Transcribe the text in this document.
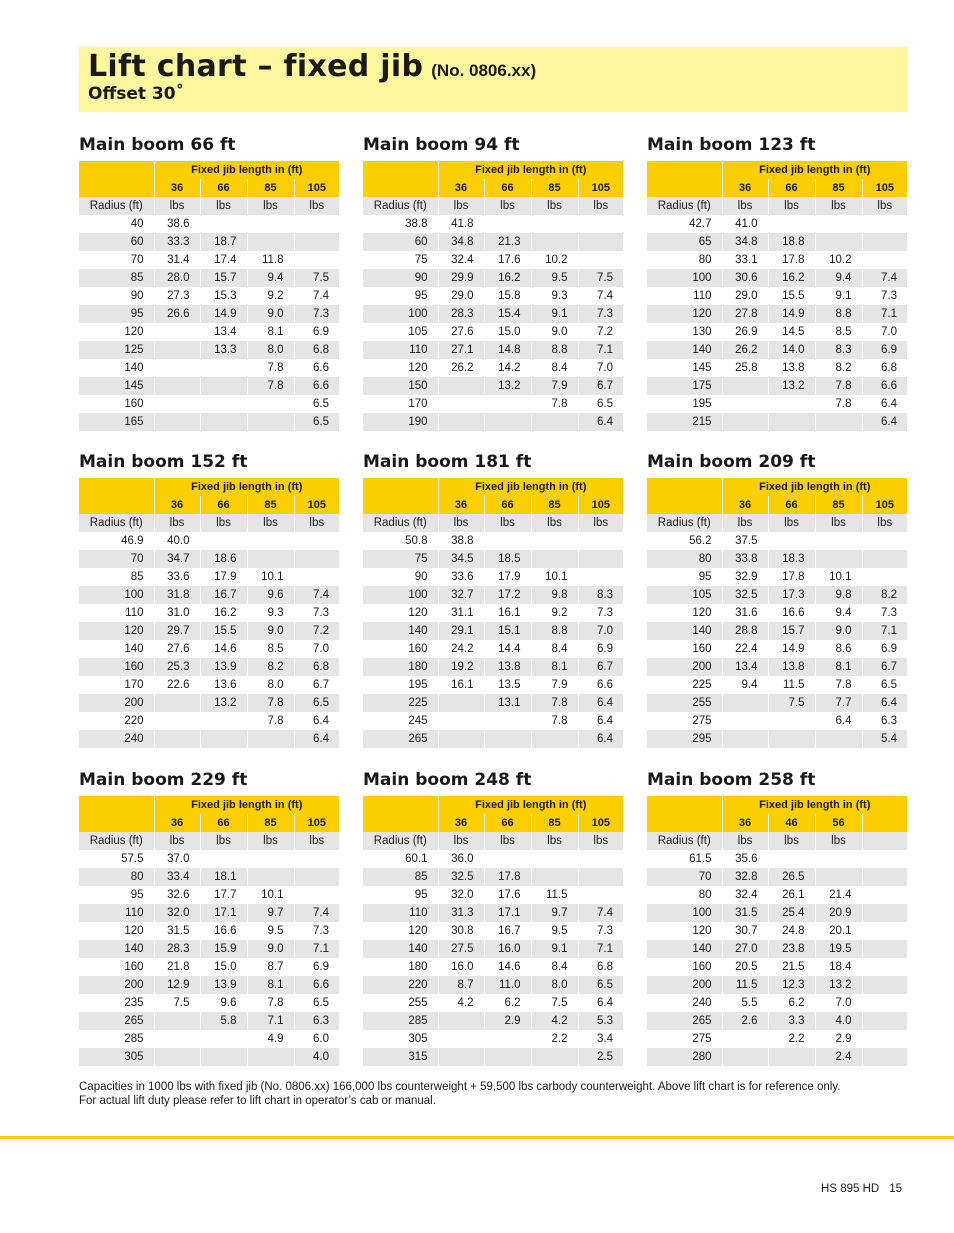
Lift chart – fixed jib (No. 0806.xx)
Offset 30˚
Main boom 66 ft
	Fixed jib length in (ft)			
	36	66	85	105
Radius (ft)	lbs	lbs	lbs	lbs
40	38.6			
60	33.3	18.7		
70	31.4	17.4	11.8	
85	28.0	15.7	9.4	7.5
90	27.3	15.3	9.2	7.4
95	26.6	14.9	9.0	7.3
120		13.4	8.1	6.9
125		13.3	8.0	6.8
140			7.8	6.6
145			7.8	6.6
160				6.5
165				6.5
Main boom 94 ft
	Fixed jib length in (ft)			
	36	66	85	105
Radius (ft)	lbs	lbs	lbs	lbs
38.8	41.8			
60	34.8	21.3		
75	32.4	17.6	10.2	
90	29.9	16.2	9.5	7.5
95	29.0	15.8	9.3	7.4
100	28.3	15.4	9.1	7.3
105	27.6	15.0	9.0	7.2
110	27.1	14.8	8.8	7.1
120	26.2	14.2	8.4	7.0
150		13.2	7.9	6.7
170			7.8	6.5
190				6.4
Main boom 123 ft
	Fixed jib length in (ft)			
	36	66	85	105
Radius (ft)	lbs	lbs	lbs	lbs
42.7	41.0			
65	34.8	18.8		
80	33.1	17.8	10.2	
100	30.6	16.2	9.4	7.4
110	29.0	15.5	9.1	7.3
120	27.8	14.9	8.8	7.1
130	26.9	14.5	8.5	7.0
140	26.2	14.0	8.3	6.9
145	25.8	13.8	8.2	6.8
175		13.2	7.8	6.6
195			7.8	6.4
215				6.4
Main boom 152 ft
	Fixed jib length in (ft)			
	36	66	85	105
Radius (ft)	lbs	lbs	lbs	lbs
46.9	40.0			
70	34.7	18.6		
85	33.6	17.9	10.1	
100	31.8	16.7	9.6	7.4
110	31.0	16.2	9.3	7.3
120	29.7	15.5	9.0	7.2
140	27.6	14.6	8.5	7.0
160	25.3	13.9	8.2	6.8
170	22.6	13.6	8.0	6.7
200		13.2	7.8	6.5
220			7.8	6.4
240				6.4
Main boom 181 ft
	Fixed jib length in (ft)			
	36	66	85	105
Radius (ft)	lbs	lbs	lbs	lbs
50.8	38.8			
75	34.5	18.5		
90	33.6	17.9	10.1	
100	32.7	17.2	9.8	8.3
120	31.1	16.1	9.2	7.3
140	29.1	15.1	8.8	7.0
160	24.2	14.4	8.4	6.9
180	19.2	13.8	8.1	6.7
195	16.1	13.5	7.9	6.6
225		13.1	7.8	6.4
245			7.8	6.4
265				6.4
Main boom 209 ft
	Fixed jib length in (ft)			
	36	66	85	105
Radius (ft)	lbs	lbs	lbs	lbs
56.2	37.5			
80	33.8	18.3		
95	32.9	17.8	10.1	
105	32.5	17.3	9.8	8.2
120	31.6	16.6	9.4	7.3
140	28.8	15.7	9.0	7.1
160	22.4	14.9	8.6	6.9
200	13.4	13.8	8.1	6.7
225	9.4	11.5	7.8	6.5
255		7.5	7.7	6.4
275			6.4	6.3
295				5.4
Main boom 229 ft
	Fixed jib length in (ft)			
	36	66	85	105
Radius (ft)	lbs	lbs	lbs	lbs
57.5	37.0			
80	33.4	18.1		
95	32.6	17.7	10.1	
110	32.0	17.1	9.7	7.4
120	31.5	16.6	9.5	7.3
140	28.3	15.9	9.0	7.1
160	21.8	15.0	8.7	6.9
200	12.9	13.9	8.1	6.6
235	7.5	9.6	7.8	6.5
265		5.8	7.1	6.3
285			4.9	6.0
305				4.0
Main boom 248 ft
	Fixed jib length in (ft)			
	36	66	85	105
Radius (ft)	lbs	lbs	lbs	lbs
60.1	36.0			
85	32.5	17.8		
95	32.0	17.6	11.5	
110	31.3	17.1	9.7	7.4
120	30.8	16.7	9.5	7.3
140	27.5	16.0	9.1	7.1
180	16.0	14.6	8.4	6.8
220	8.7	11.0	8.0	6.5
255	4.2	6.2	7.5	6.4
285		2.9	4.2	5.3
305			2.2	3.4
315				2.5
Main boom 258 ft
	Fixed jib length in (ft)			
	36	46	56	
Radius (ft)	lbs	lbs	lbs	
61.5	35.6			
70	32.8	26.5		
80	32.4	26.1	21.4	
100	31.5	25.4	20.9	
120	30.7	24.8	20.1	
140	27.0	23.8	19.5	
160	20.5	21.5	18.4	
200	11.5	12.3	13.2	
240	5.5	6.2	7.0	
265	2.6	3.3	4.0	
275		2.2	2.9	
280			2.4	
Capacities in 1000 lbs with fixed jib (No. 0806.xx) 166,000 lbs counterweight + 59,500 lbs carbody counterweight. Above lift chart is for reference only.
For actual lift duty please refer to lift chart in operator’s cab or manual.
HS 895 HD 15
